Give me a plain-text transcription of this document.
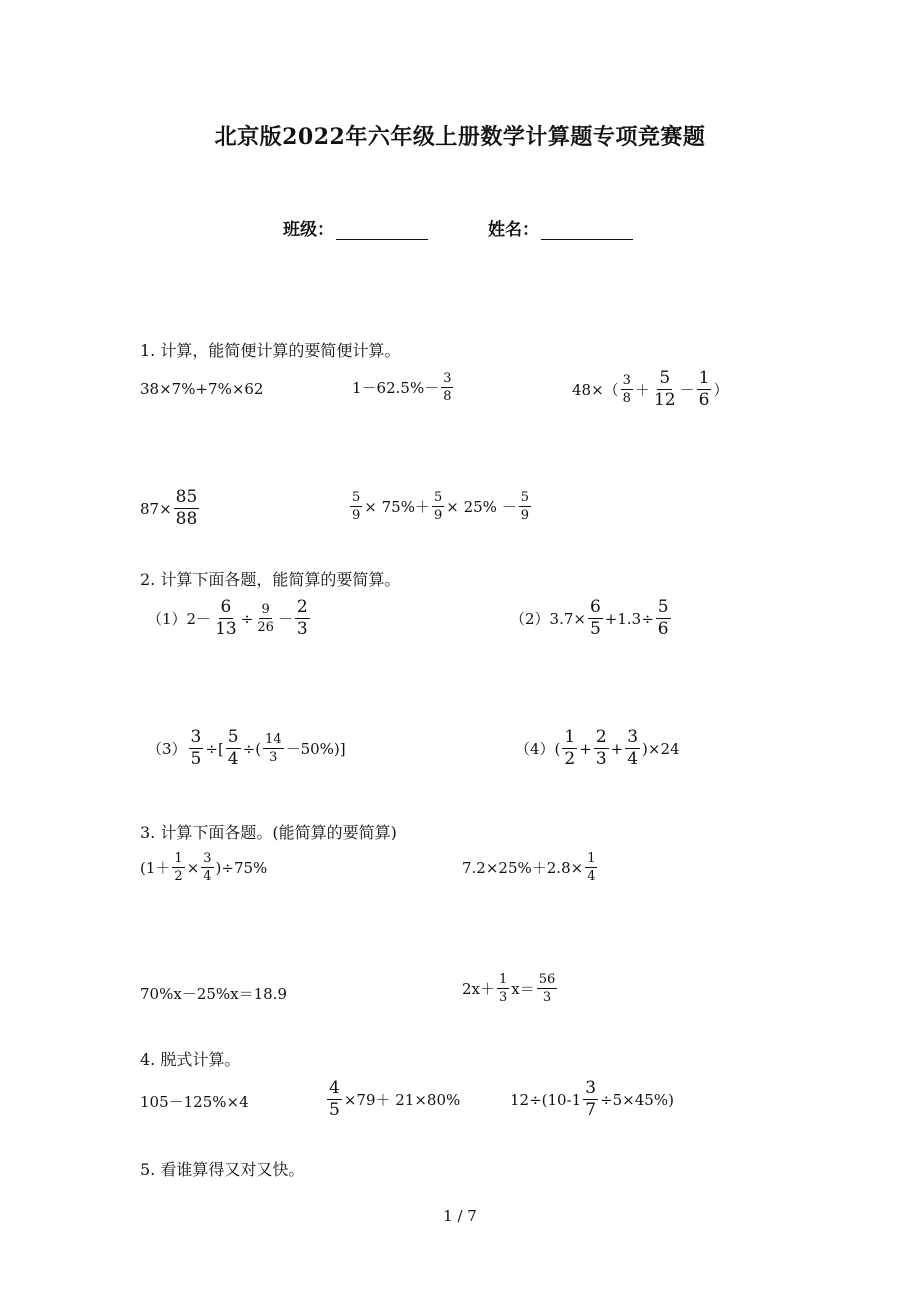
北京版2022年六年级上册数学计算题专项竞赛题
班级：	姓名：
1. 计算，能简便计算的要简便计算。
38×7%+7%×62	$1-62.5\%- \frac{3}{8}$	$48\times( \frac{3}{8} + \frac{5}{12} - \frac{1}{6}$ ）
$87\times \frac{85}{88}$	$\frac{5}{9} \times 75\%+ \frac{5}{9} \times 25\% - \frac{5}{9}$
2. 计算下面各题，能简算的要简算。
$(1)2- \frac{6}{13} \div \frac{9}{26} - \frac{2}{3}$	$(2)3.7\times \frac{6}{5} +1.3\div \frac{5}{6}$
$(3) \frac{3}{5}$ ÷[ $\frac{5}{4}$ ÷( $\frac{14}{3} -50\%$)]	$(4)( \frac{1}{2} + \frac{2}{3} + \frac{3}{4} )\times 24$
3. 计算下面各题。(能简算的要简算)
$(1+ \frac{1}{2} \times \frac{3}{4} )\div 75\%$	$7.2\times 25\%+2.8\times \frac{1}{4}$
70%x－25%x＝18.9	$2x+ \frac{1}{3} x= \frac{56}{3}$
4. 脱式计算。
105－125%×4	$\frac{4}{5} \times 79+ 21\times 80\%$	$12\div(10-1 \frac{3}{7} \div 5\times 45\%)$
5. 看谁算得又对又快。
1 / 7
